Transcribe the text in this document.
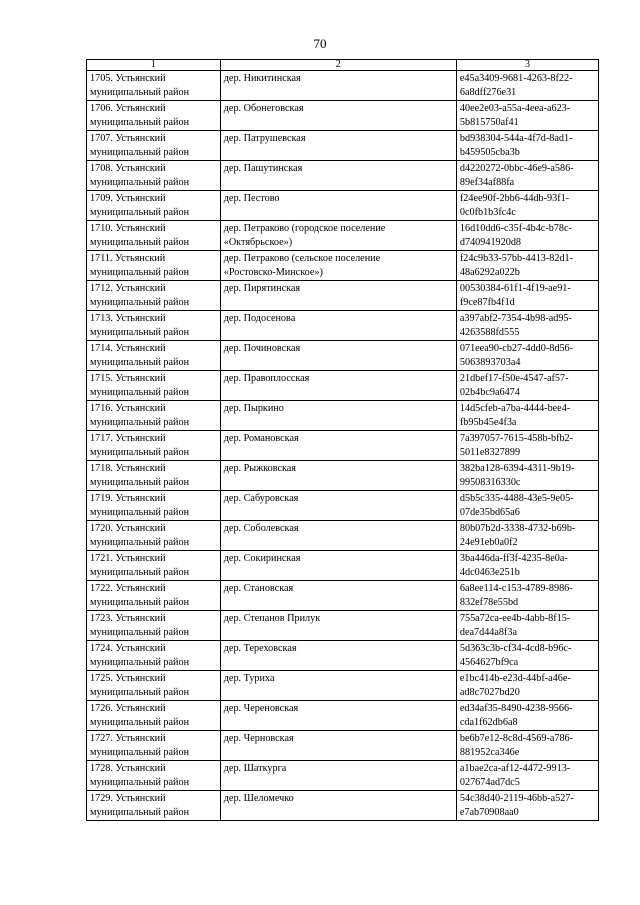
70
1	2	3

1705. Устьянский
муниципальный район	дер. Никитинская	e45a3409-9681-4263-8f22-
6a8dff276e31

1706. Устьянский
муниципальный район	дер. Обонеговская	40ee2e03-a55a-4eea-a623-
5b815750af41

1707. Устьянский
муниципальный район	дер. Патрушевская	bd938304-544a-4f7d-8ad1-
b459505cba3b

1708. Устьянский
муниципальный район	дер. Пашутинская	d4220272-0bbc-46e9-a586-
89ef34af88fa

1709. Устьянский
муниципальный район	дер. Пестово	f24ee90f-2bb6-44db-93f1-
0c0fb1b3fc4c

1710. Устьянский
муниципальный район	дер. Петраково (городское поселение
«Октябрьское»)	16d10dd6-c35f-4b4c-b78c-
d740941920d8

1711. Устьянский
муниципальный район	дер. Петраково (сельское поселение
«Ростовско-Минское»)	f24c9b33-57bb-4413-82d1-
48a6292a022b

1712. Устьянский
муниципальный район	дер. Пирятинская	00530384-61f1-4f19-ae91-
f9ce87fb4f1d

1713. Устьянский
муниципальный район	дер. Подосеновa	a397abf2-7354-4b98-ad95-
4263588fd555

1714. Устьянский
муниципальный район	дер. Починовская	071eea90-cb27-4dd0-8d56-
5063893703a4

1715. Устьянский
муниципальный район	дер. Правоплосская	21dbef17-f50e-4547-af57-
02b4bc9a6474

1716. Устьянский
муниципальный район	дер. Пыркино	14d5cfeb-a7ba-4444-bee4-
fb95b45e4f3a

1717. Устьянский
муниципальный район	дер. Романовская	7a397057-7615-458b-bfb2-
5011e8327899

1718. Устьянский
муниципальный район	дер. Рыжковская	382ba128-6394-4311-9b19-
99508316330c

1719. Устьянский
муниципальный район	дер. Сабуровская	d5b5c335-4488-43e5-9e05-
07de35bd65a6

1720. Устьянский
муниципальный район	дер. Соболевская	80b07b2d-3338-4732-b69b-
24e91eb0a0f2

1721. Устьянский
муниципальный район	дер. Сокиринская	3ba446da-ff3f-4235-8e0a-
4dc0463e251b

1722. Устьянский
муниципальный район	дер. Становская	6a8ee114-c153-4789-8986-
832ef78e55bd

1723. Устьянский
муниципальный район	дер. Степанов Прилук	755a72ca-ee4b-4abb-8f15-
dea7d44a8f3a

1724. Устьянский
муниципальный район	дер. Тереховская	5d363c3b-cf34-4cd8-b96c-
4564627bf9ca

1725. Устьянский
муниципальный район	дер. Туриха	e1bc414b-e23d-44bf-a46e-
ad8c7027bd20

1726. Устьянский
муниципальный район	дер. Череновская	ed34af35-8490-4238-9566-
cda1f62db6a8

1727. Устьянский
муниципальный район	дер. Черновская	be6b7e12-8c8d-4569-a786-
881952ca346e

1728. Устьянский
муниципальный район	дер. Шаткурга	a1bae2ca-af12-4472-9913-
027674ad7dc5

1729. Устьянский
муниципальный район	дер. Шеломечко	54c38d40-2119-46bb-a527-
e7ab70908aa0
